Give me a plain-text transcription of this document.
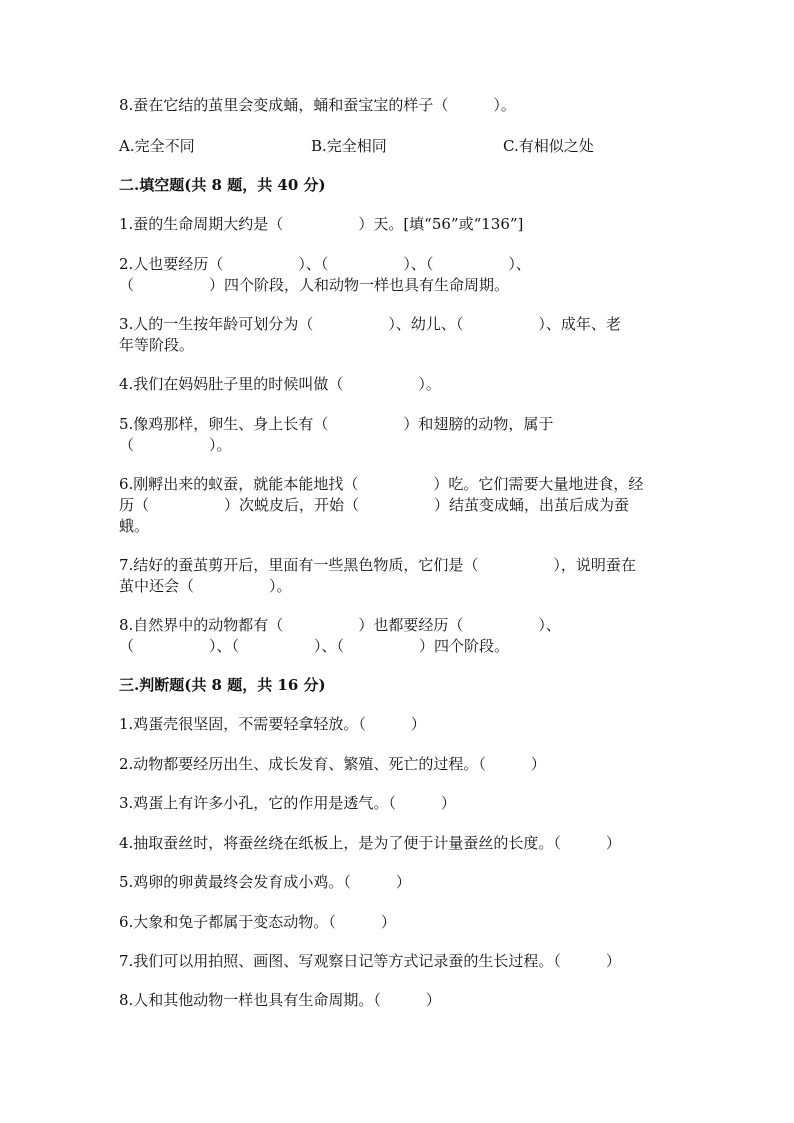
8.蚕在它结的茧里会变成蛹，蛹和蚕宝宝的样子（　　　）。

A.完全不同	B.完全相同	C.有相似之处

二.填空题(共 8 题，共 40 分)

1.蚕的生命周期大约是（　　　　　）天。[填“56”或“136”]

2.人也要经历（　　　　　）、（　　　　　）、（　　　　　）、

（　　　　　）四个阶段，人和动物一样也具有生命周期。

3.人的一生按年龄可划分为（　　　　　）、幼儿、（　　　　　）、成年、老

年等阶段。

4.我们在妈妈肚子里的时候叫做（　　　　　）。

5.像鸡那样，卵生、身上长有（　　　　　）和翅膀的动物，属于

（　　　　　）。

6.刚孵出来的蚁蚕，就能本能地找（　　　　　）吃。它们需要大量地进食，经

历（　　　　　）次蜕皮后，开始（　　　　　）结茧变成蛹，出茧后成为蚕

蛾。

7.结好的蚕茧剪开后，里面有一些黑色物质，它们是（　　　　　），说明蚕在

茧中还会（　　　　　）。

8.自然界中的动物都有（　　　　　）也都要经历（　　　　　）、

（　　　　　）、（　　　　　）、（　　　　　）四个阶段。

三.判断题(共 8 题，共 16 分)

1.鸡蛋壳很坚固，不需要轻拿轻放。（　　　）

2.动物都要经历出生、成长发育、繁殖、死亡的过程。（　　　）

3.鸡蛋上有许多小孔，它的作用是透气。（　　　）

4.抽取蚕丝时，将蚕丝绕在纸板上，是为了便于计量蚕丝的长度。（　　　）

5.鸡卵的卵黄最终会发育成小鸡。（　　　）

6.大象和兔子都属于变态动物。（　　　）

7.我们可以用拍照、画图、写观察日记等方式记录蚕的生长过程。（　　　）

8.人和其他动物一样也具有生命周期。（　　　）
